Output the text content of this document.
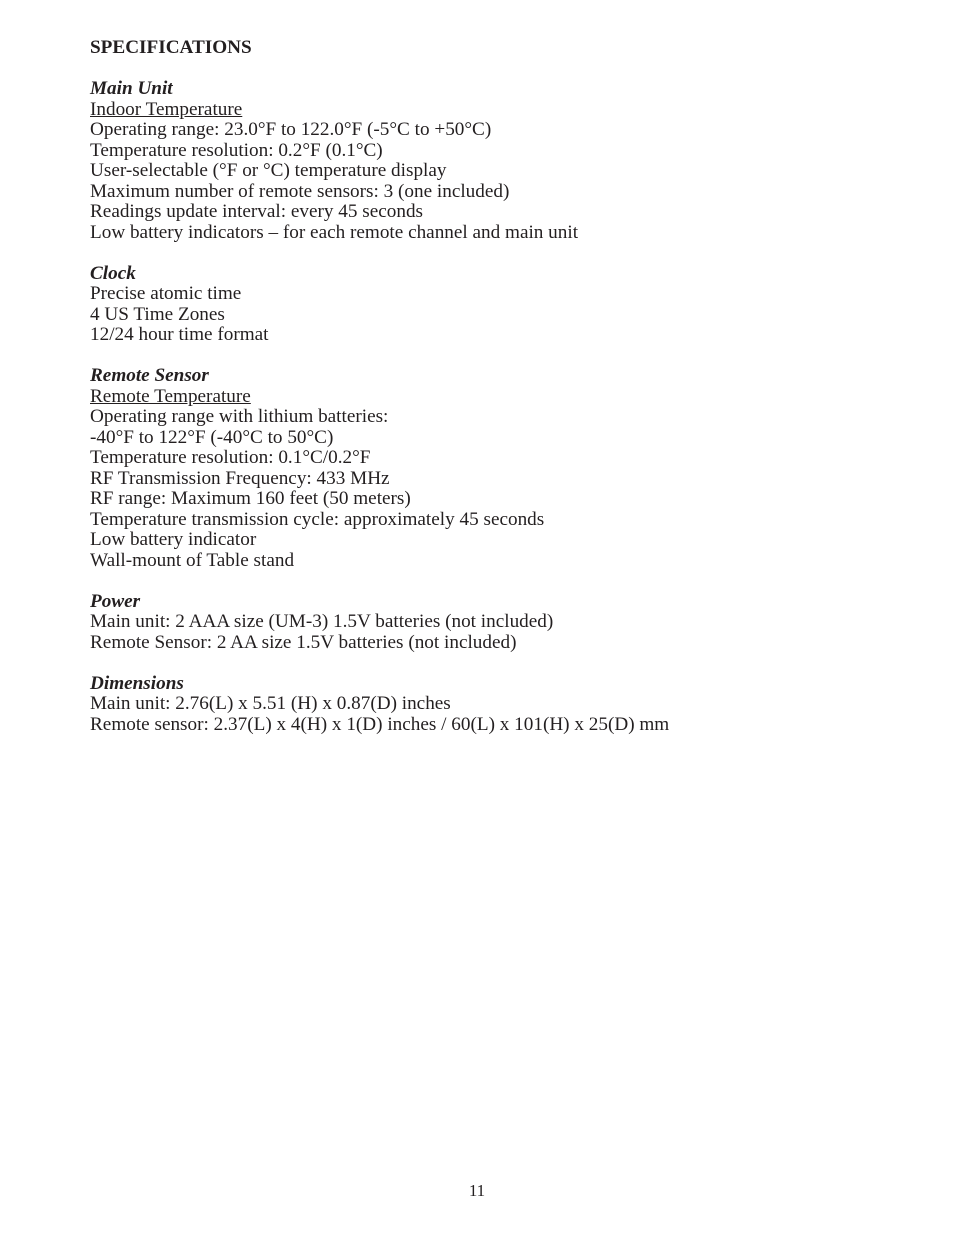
SPECIFICATIONS
Main Unit
Indoor Temperature
Operating range: 23.0°F to 122.0°F (-5°C to +50°C)
Temperature resolution: 0.2°F (0.1°C)
User-selectable (°F or °C) temperature display
Maximum number of remote sensors: 3 (one included)
Readings update interval: every 45 seconds
Low battery indicators – for each remote channel and main unit
Clock
Precise atomic time
4 US Time Zones
12/24 hour time format
Remote Sensor
Remote Temperature
Operating range with lithium batteries:
-40°F to 122°F (-40°C to 50°C)
Temperature resolution: 0.1°C/0.2°F
RF Transmission Frequency: 433 MHz
RF range: Maximum 160 feet (50 meters)
Temperature transmission cycle: approximately 45 seconds
Low battery indicator
Wall-mount of Table stand
Power
Main unit: 2 AAA size (UM-3) 1.5V batteries (not included)
Remote Sensor: 2 AA size 1.5V batteries (not included)
Dimensions
Main unit: 2.76(L) x 5.51 (H) x 0.87(D) inches
Remote sensor: 2.37(L) x 4(H) x 1(D) inches / 60(L) x 101(H) x 25(D) mm
11
